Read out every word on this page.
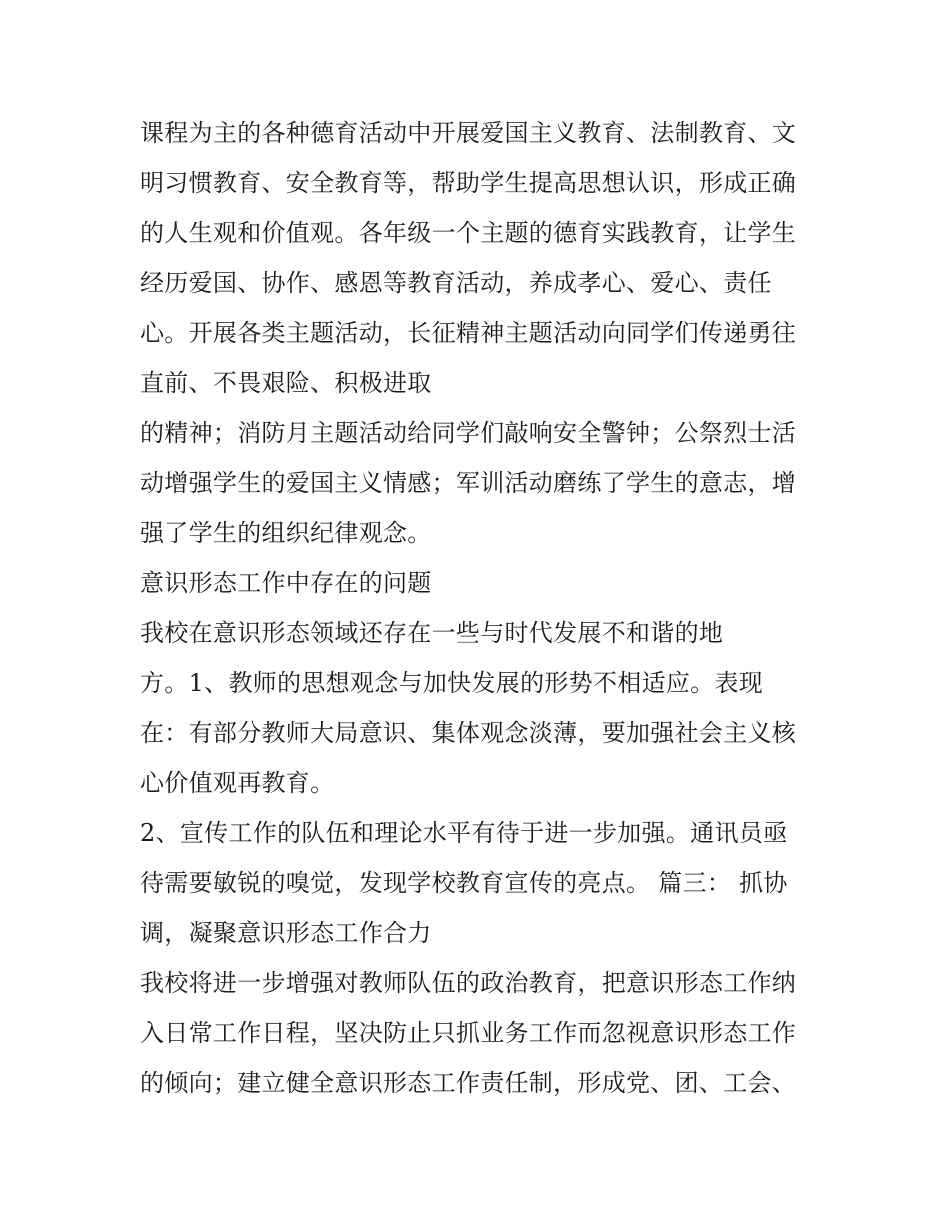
课程为主的各种德育活动中开展爱国主义教育、法制教育、文
明习惯教育、安全教育等，帮助学生提高思想认识，形成正确
的人生观和价值观。各年级一个主题的德育实践教育，让学生
经历爱国、协作、感恩等教育活动，养成孝心、爱心、责任
心。开展各类主题活动，长征精神主题活动向同学们传递勇往
直前、不畏艰险、积极进取
的精神；消防月主题活动给同学们敲响安全警钟；公祭烈士活
动增强学生的爱国主义情感；军训活动磨练了学生的意志，增
强了学生的组织纪律观念。
意识形态工作中存在的问题
我校在意识形态领域还存在一些与时代发展不和谐的地
方。1、教师的思想观念与加快发展的形势不相适应。表现
在：有部分教师大局意识、集体观念淡薄，要加强社会主义核
心价值观再教育。
2、宣传工作的队伍和理论水平有待于进一步加强。通讯员亟
待需要敏锐的嗅觉，发现学校教育宣传的亮点。 篇三： 抓协
调，凝聚意识形态工作合力
我校将进一步增强对教师队伍的政治教育，把意识形态工作纳
入日常工作日程，坚决防止只抓业务工作而忽视意识形态工作
的倾向；建立健全意识形态工作责任制，形成党、团、工会、
